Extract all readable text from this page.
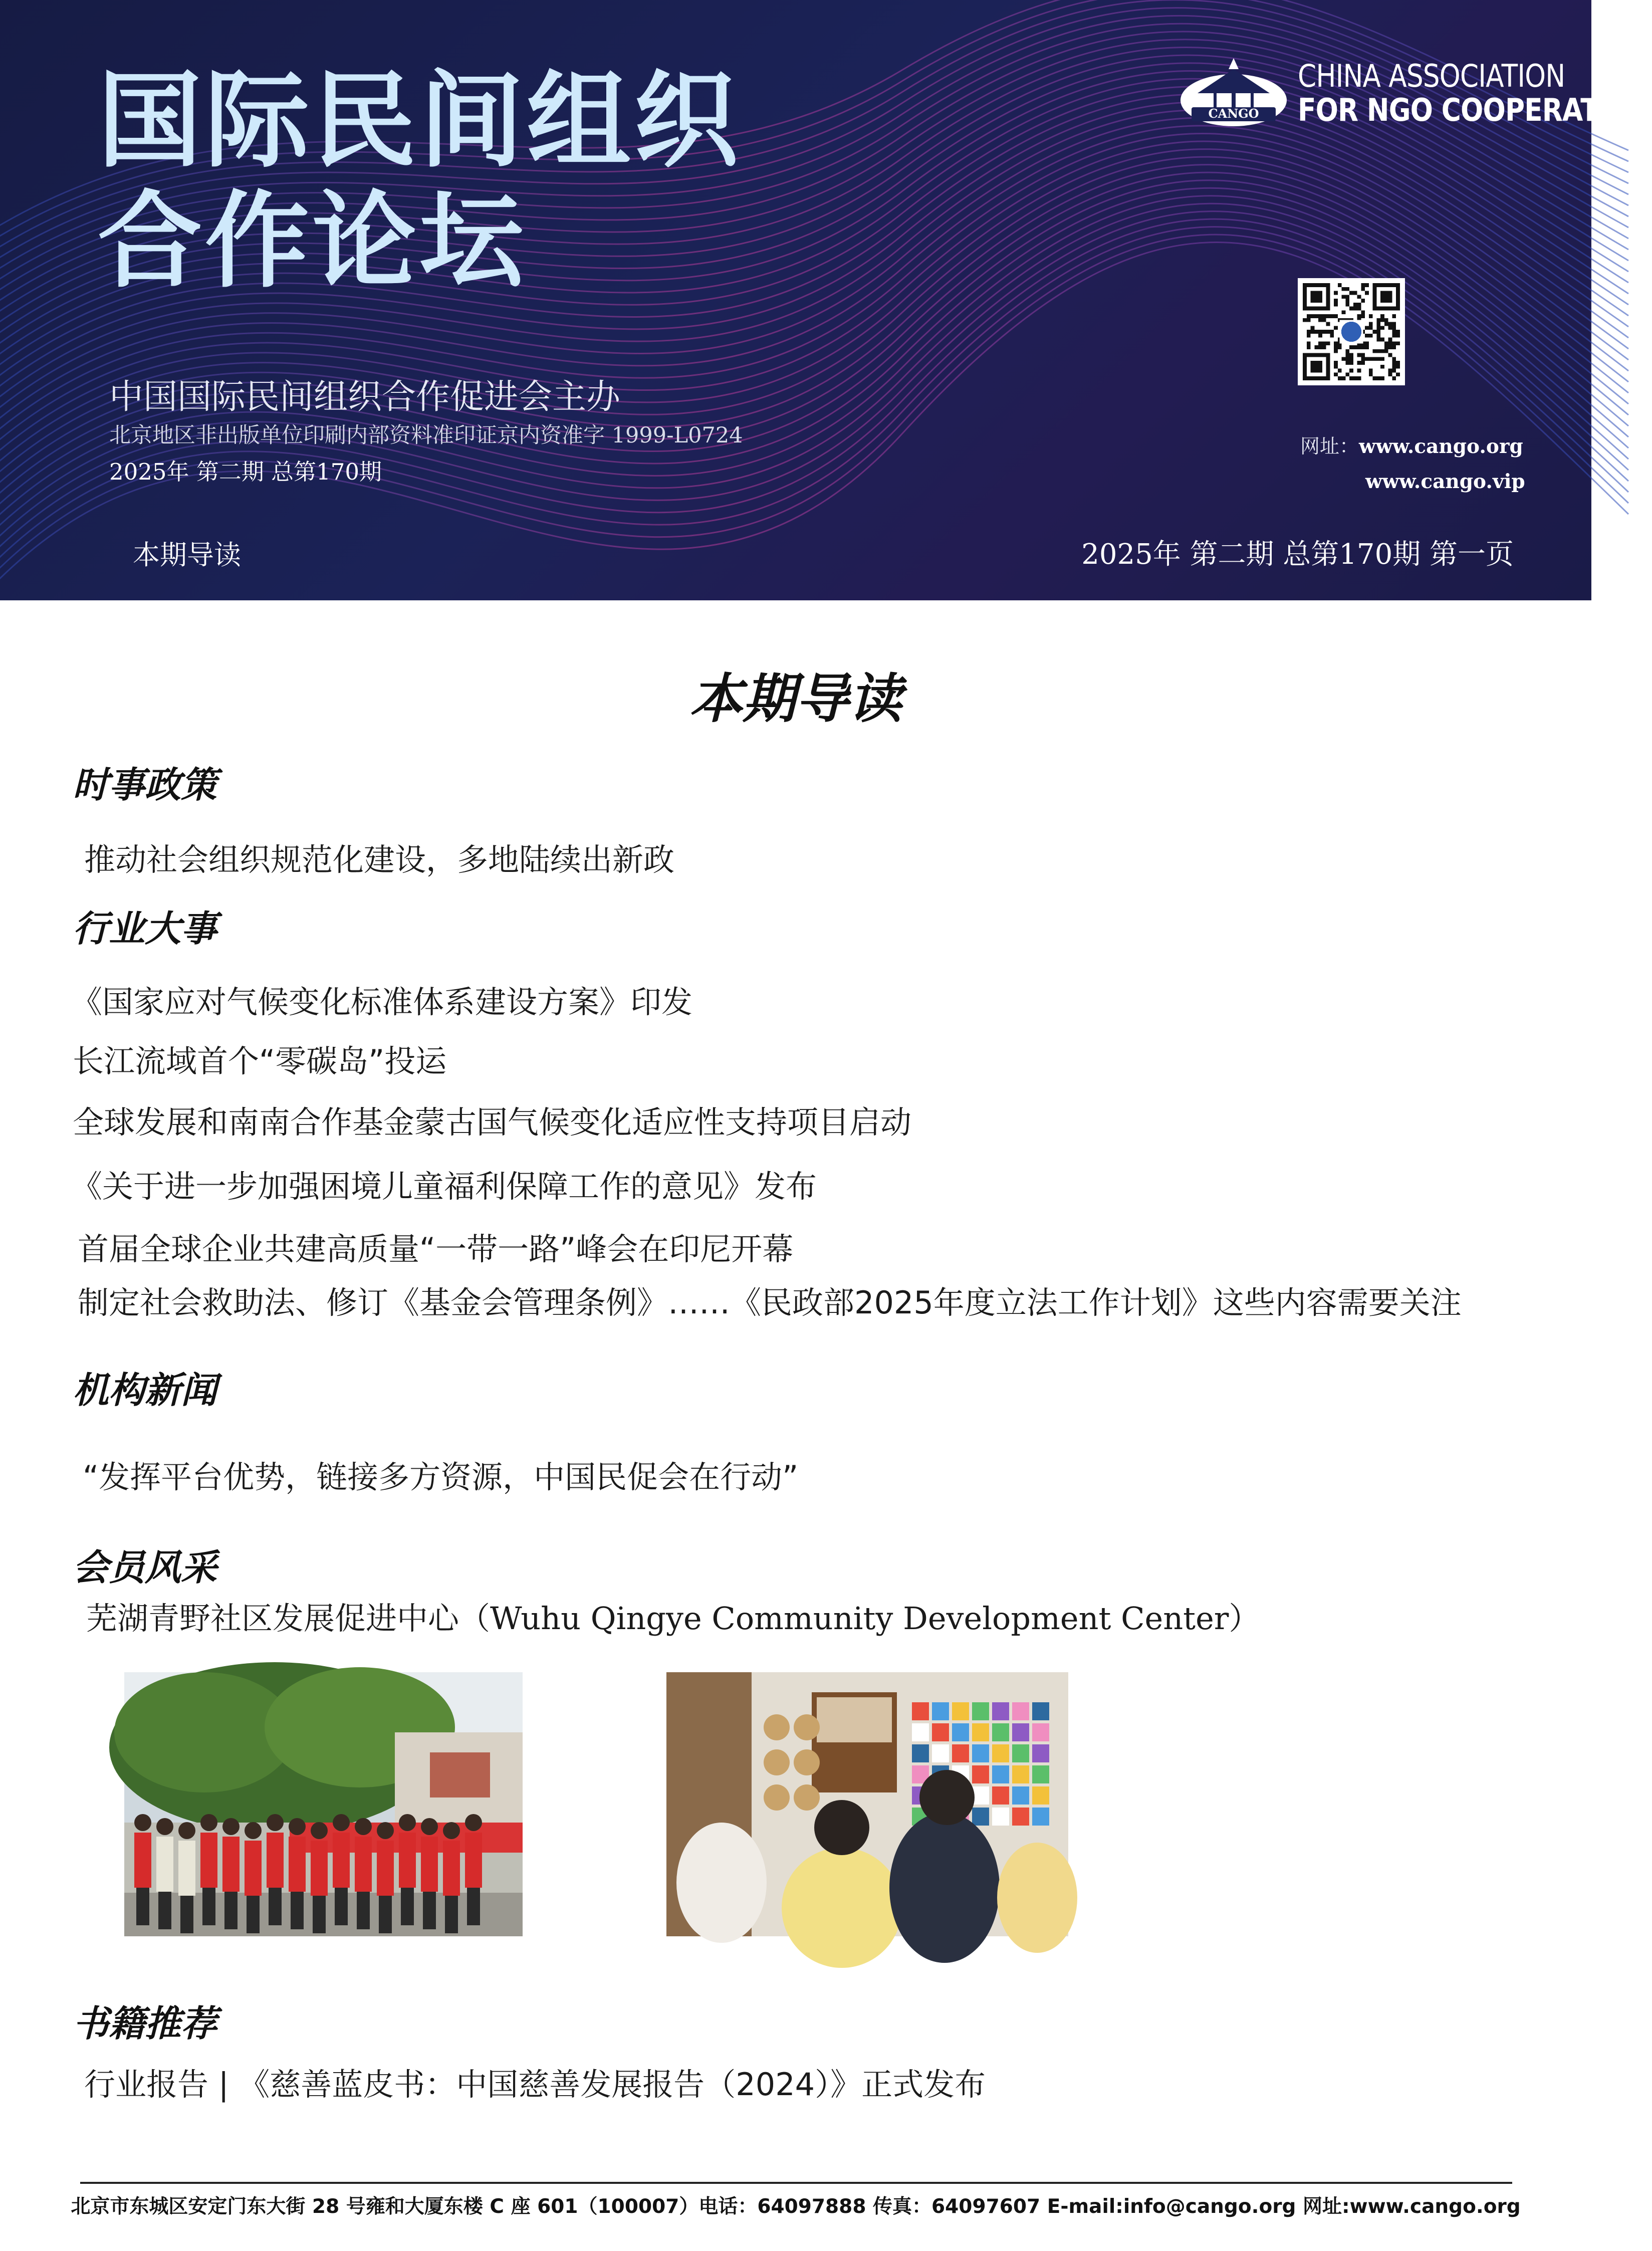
国际民间组织
合作论坛
中国国际民间组织合作促进会主办
北京地区非出版单位印刷内部资料准印证京内资准字 1999-L0724
2025年 第二期 总第170期
CANGO
CHINA ASSOCIATION
FOR NGO COOPERATION
网址：www.cango.org
www.cango.vip
本期导读	2025年 第二期 总第170期 第一页
本期导读
时事政策
推动社会组织规范化建设，多地陆续出新政
行业大事
《国家应对气候变化标准体系建设方案》印发
长江流域首个“零碳岛”投运
全球发展和南南合作基金蒙古国气候变化适应性支持项目启动
《关于进一步加强困境儿童福利保障工作的意见》发布
首届全球企业共建高质量“一带一路”峰会在印尼开幕
制定社会救助法、修订《基金会管理条例》……《民政部2025年度立法工作计划》这些内容需要关注
机构新闻
“发挥平台优势，链接多方资源，中国民促会在行动”
会员风采
芜湖青野社区发展促进中心（Wuhu Qingye Community Development Center）
书籍推荐
行业报告 | 《慈善蓝皮书：中国慈善发展报告（2024）》正式发布
北京市东城区安定门东大街 28 号雍和大厦东楼 C 座 601（100007）电话：64097888 传真：64097607 E-mail:info@cango.org 网址:www.cango.org
